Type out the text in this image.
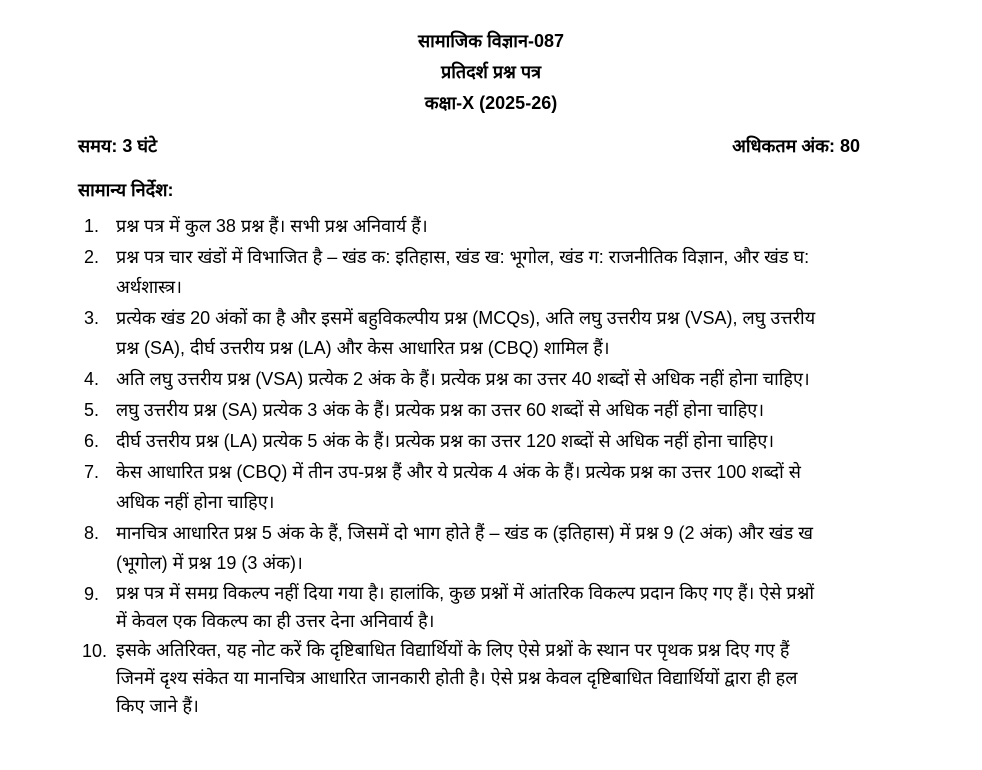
सामाजिक विज्ञान-087
प्रतिदर्श प्रश्न पत्र
कक्षा-X (2025-26)
समय: 3 घंटे	अधिकतम अंक: 80
सामान्य निर्देश:
1. प्रश्न पत्र में कुल 38 प्रश्न हैं। सभी प्रश्न अनिवार्य हैं।
2. प्रश्न पत्र चार खंडों में विभाजित है – खंड क: इतिहास, खंड ख: भूगोल, खंड ग: राजनीतिक विज्ञान, और खंड घ:
अर्थशास्त्र।
3. प्रत्येक खंड 20 अंकों का है और इसमें बहुविकल्पीय प्रश्न (MCQs), अति लघु उत्तरीय प्रश्न (VSA), लघु उत्तरीय
प्रश्न (SA), दीर्घ उत्तरीय प्रश्न (LA) और केस आधारित प्रश्न (CBQ) शामिल हैं।
4. अति लघु उत्तरीय प्रश्न (VSA) प्रत्येक 2 अंक के हैं। प्रत्येक प्रश्न का उत्तर 40 शब्दों से अधिक नहीं होना चाहिए।
5. लघु उत्तरीय प्रश्न (SA) प्रत्येक 3 अंक के हैं। प्रत्येक प्रश्न का उत्तर 60 शब्दों से अधिक नहीं होना चाहिए।
6. दीर्घ उत्तरीय प्रश्न (LA) प्रत्येक 5 अंक के हैं। प्रत्येक प्रश्न का उत्तर 120 शब्दों से अधिक नहीं होना चाहिए।
7. केस आधारित प्रश्न (CBQ) में तीन उप-प्रश्न हैं और ये प्रत्येक 4 अंक के हैं। प्रत्येक प्रश्न का उत्तर 100 शब्दों से
अधिक नहीं होना चाहिए।
8. मानचित्र आधारित प्रश्न 5 अंक के हैं, जिसमें दो भाग होते हैं – खंड क (इतिहास) में प्रश्न 9 (2 अंक) और खंड ख
(भूगोल) में प्रश्न 19 (3 अंक)।
9. प्रश्न पत्र में समग्र विकल्प नहीं दिया गया है। हालांकि, कुछ प्रश्नों में आंतरिक विकल्प प्रदान किए गए हैं। ऐसे प्रश्नों
में केवल एक विकल्प का ही उत्तर देना अनिवार्य है।
10. इसके अतिरिक्त, यह नोट करें कि दृष्टिबाधित विद्यार्थियों के लिए ऐसे प्रश्नों के स्थान पर पृथक प्रश्न दिए गए हैं
जिनमें दृश्य संकेत या मानचित्र आधारित जानकारी होती है। ऐसे प्रश्न केवल दृष्टिबाधित विद्यार्थियों द्वारा ही हल
किए जाने हैं।
